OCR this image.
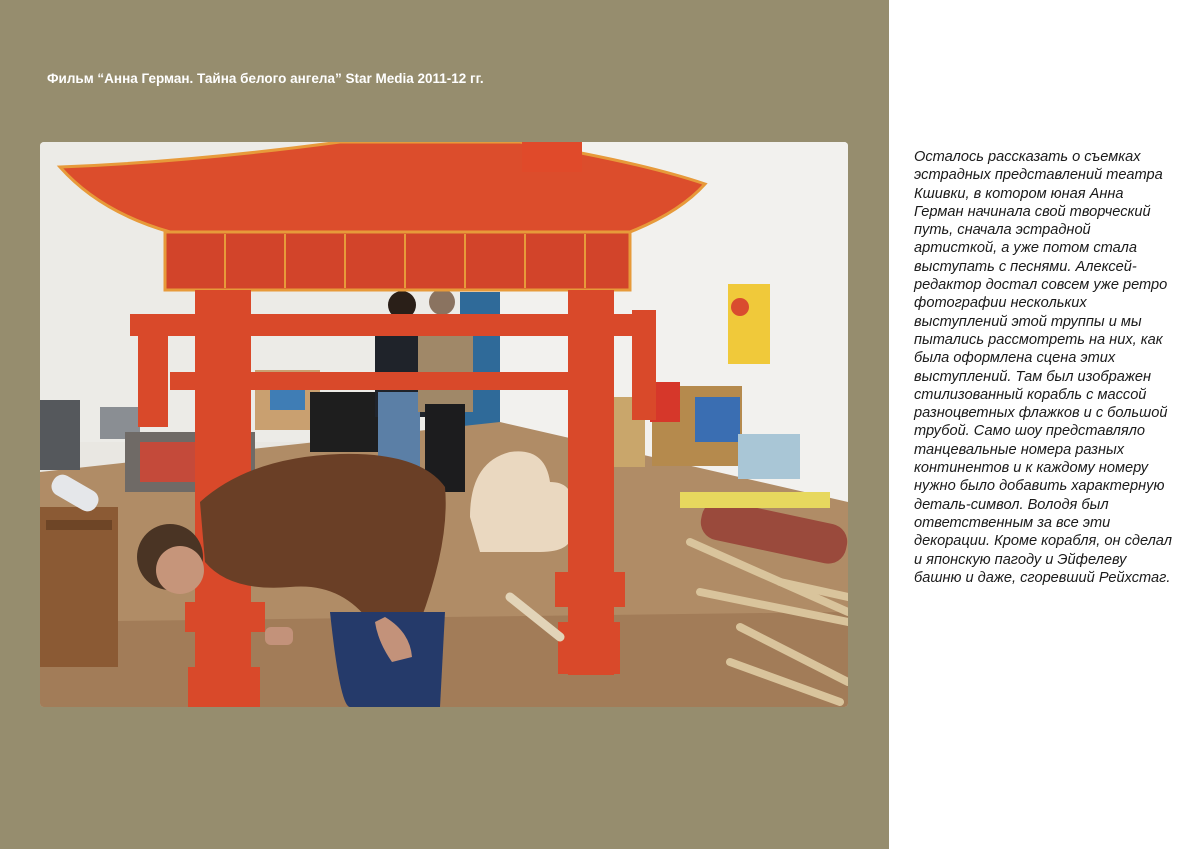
Фильм “Анна Герман. Тайна белого ангела” Star Media 2011-12 гг.

Осталось рассказать о съемках эстрадных представлений театра Кшивки, в котором юная Анна Герман начинала свой творческий путь, сначала эстрадной артисткой, а уже потом стала выступать с песнями. Алексей-редактор достал совсем уже ретро фотографии нескольких выступлений этой труппы и мы пытались рассмотреть на них, как была оформлена сцена этих выступлений. Там был изображен стилизованный корабль с массой разноцветных флажков и с большой трубой. Само шоу представляло танцевальные номера разных континентов и к каждому номеру нужно было добавить характерную деталь-символ. Володя был ответственным за все эти декорации. Кроме корабля, он сделал и японскую пагоду и Эйфелеву башню и даже, сгоревший Рейхстаг.
